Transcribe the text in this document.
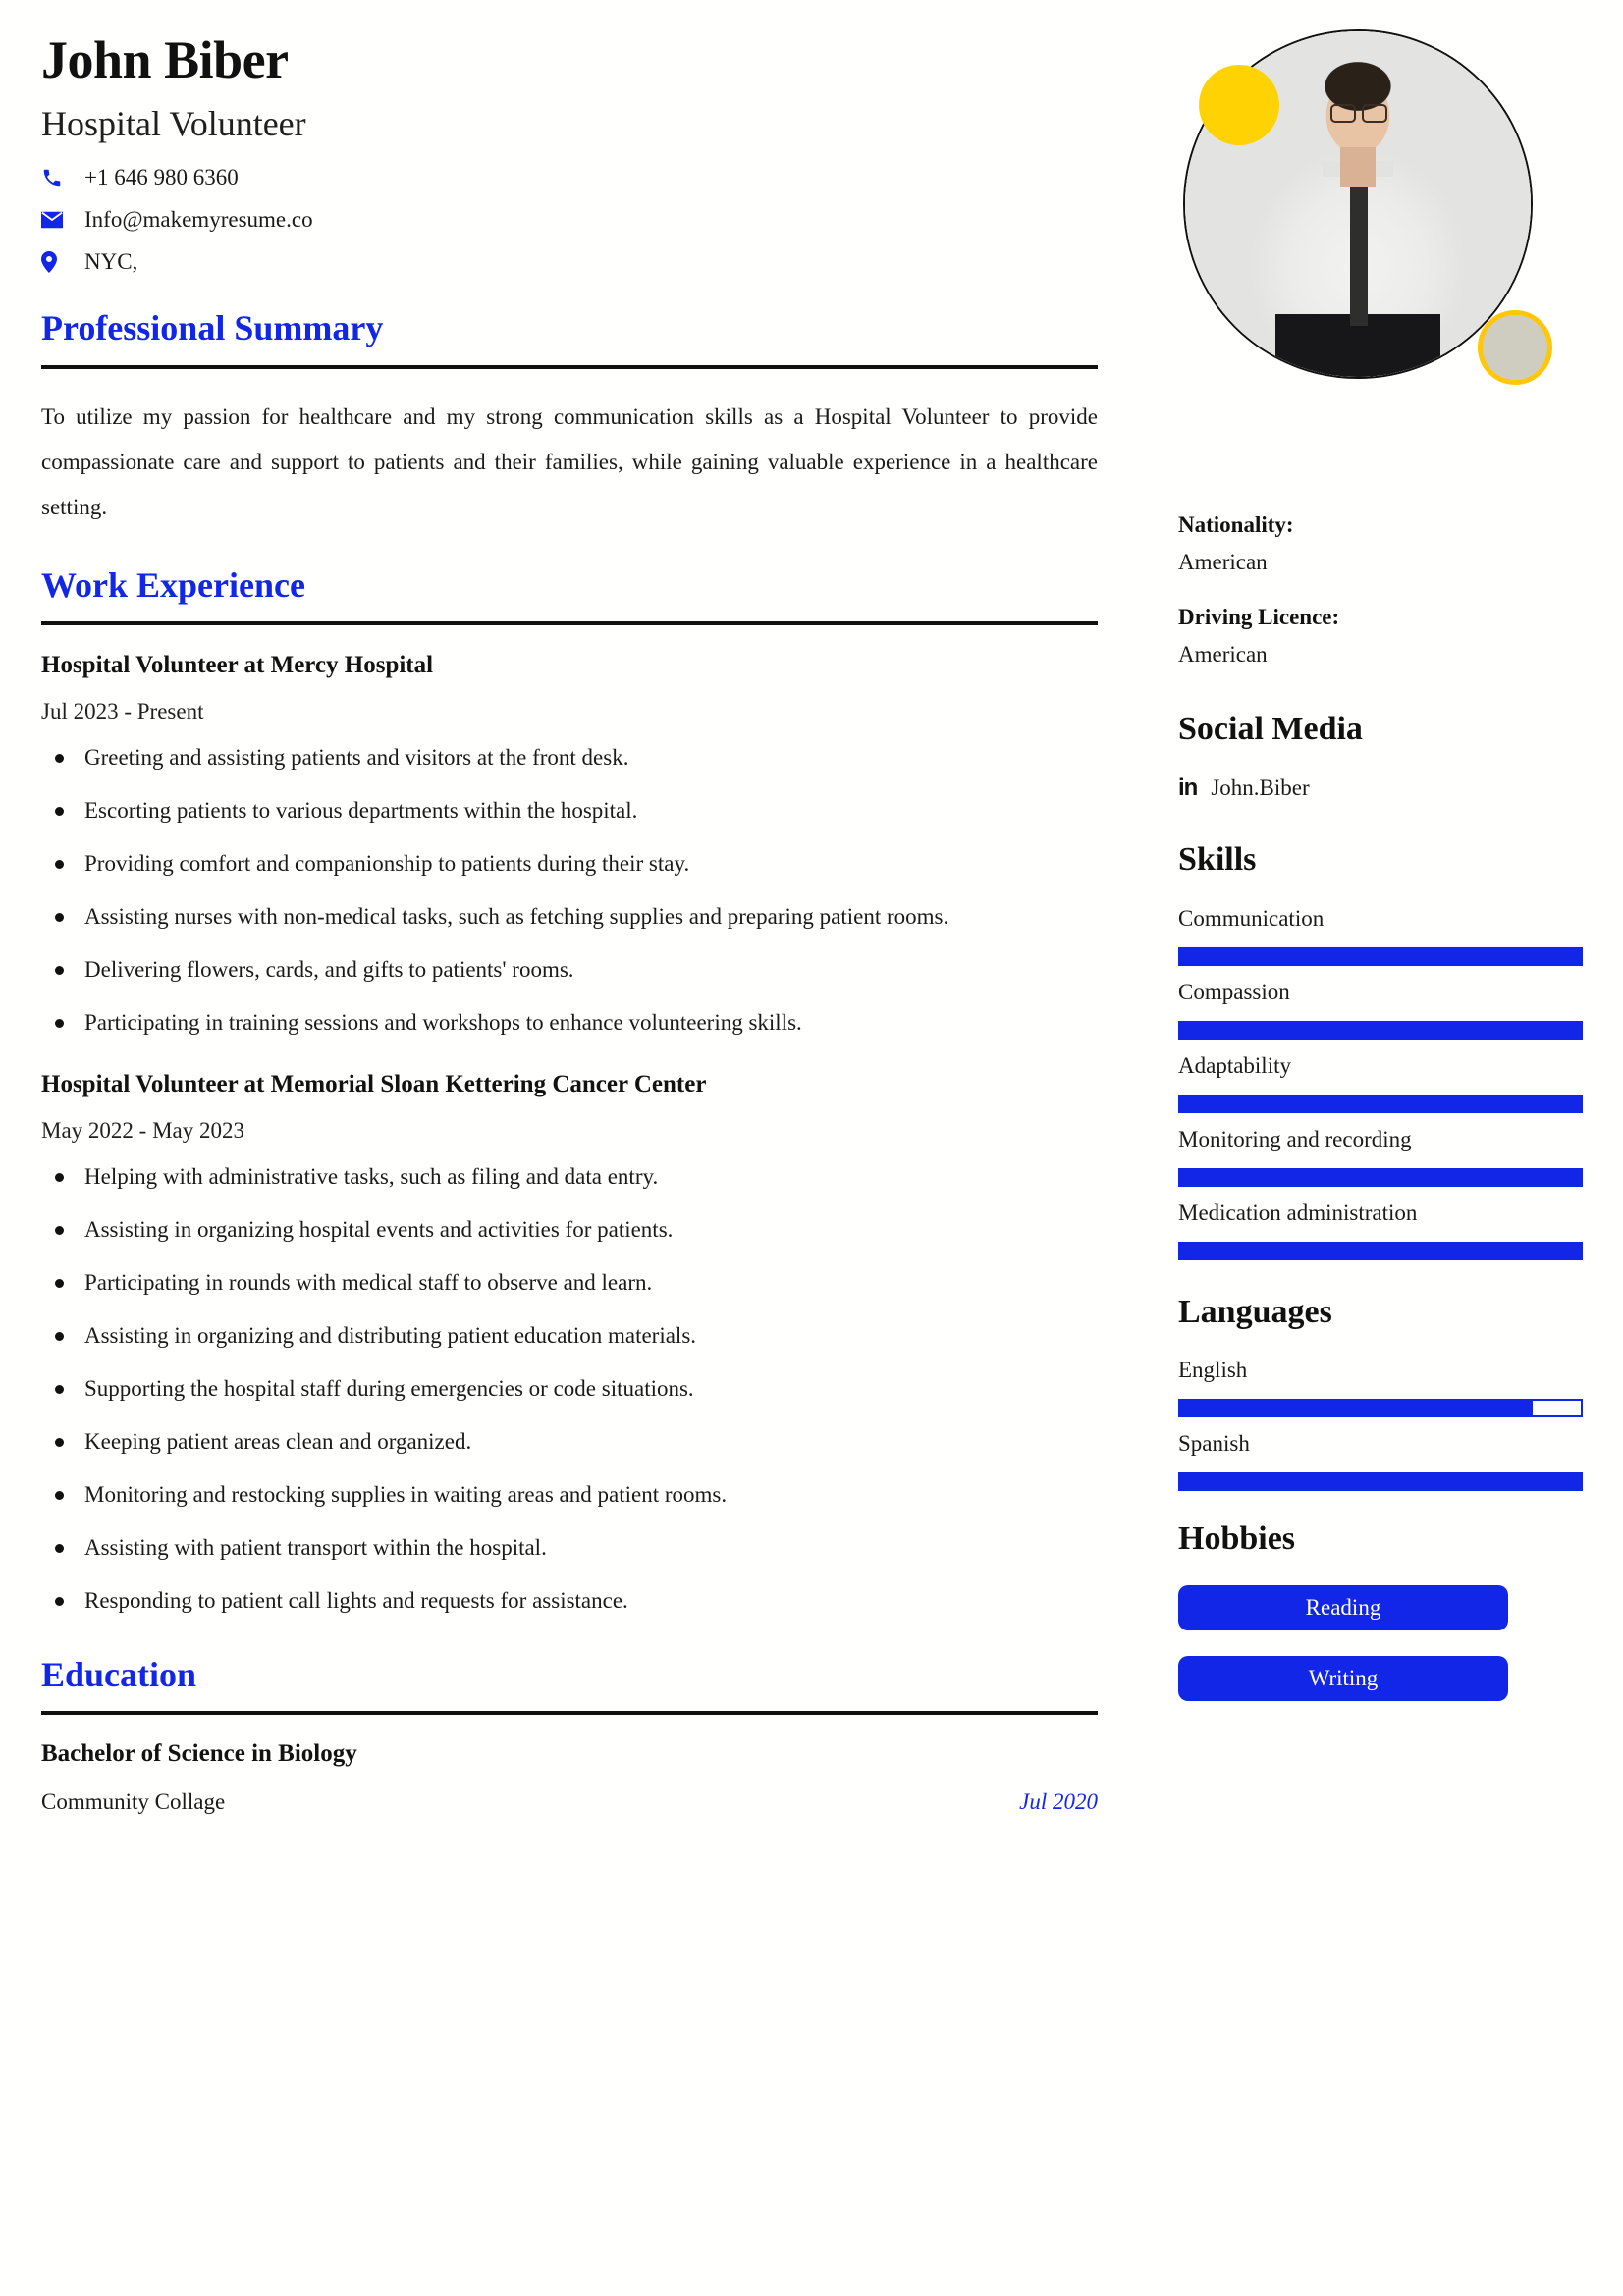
John Biber
Hospital Volunteer
+1 646 980 6360
Info@makemyresume.co
NYC,
Professional Summary

To utilize my passion for healthcare and my strong communication skills as a Hospital Volunteer to provide compassionate care and support to patients and their families, while gaining valuable experience in a healthcare setting.

Work Experience
Hospital Volunteer at Mercy Hospital
Jul 2023 - Present
Greeting and assisting patients and visitors at the front desk.
Escorting patients to various departments within the hospital.
Providing comfort and companionship to patients during their stay.
Assisting nurses with non-medical tasks, such as fetching supplies and preparing patient rooms.
Delivering flowers, cards, and gifts to patients' rooms.
Participating in training sessions and workshops to enhance volunteering skills.
Hospital Volunteer at Memorial Sloan Kettering Cancer Center
May 2022 - May 2023
Helping with administrative tasks, such as filing and data entry.
Assisting in organizing hospital events and activities for patients.
Participating in rounds with medical staff to observe and learn.
Assisting in organizing and distributing patient education materials.
Supporting the hospital staff during emergencies or code situations.
Keeping patient areas clean and organized.
Monitoring and restocking supplies in waiting areas and patient rooms.
Assisting with patient transport within the hospital.
Responding to patient call lights and requests for assistance.
Education
Bachelor of Science in Biology
Community Collage	Jul 2020
Nationality:
American
Driving Licence:
American
Social Media
in John.Biber
Skills
Communication
Compassion
Adaptability
Monitoring and recording
Medication administration
Languages
English
Spanish
Hobbies
Reading
Writing
